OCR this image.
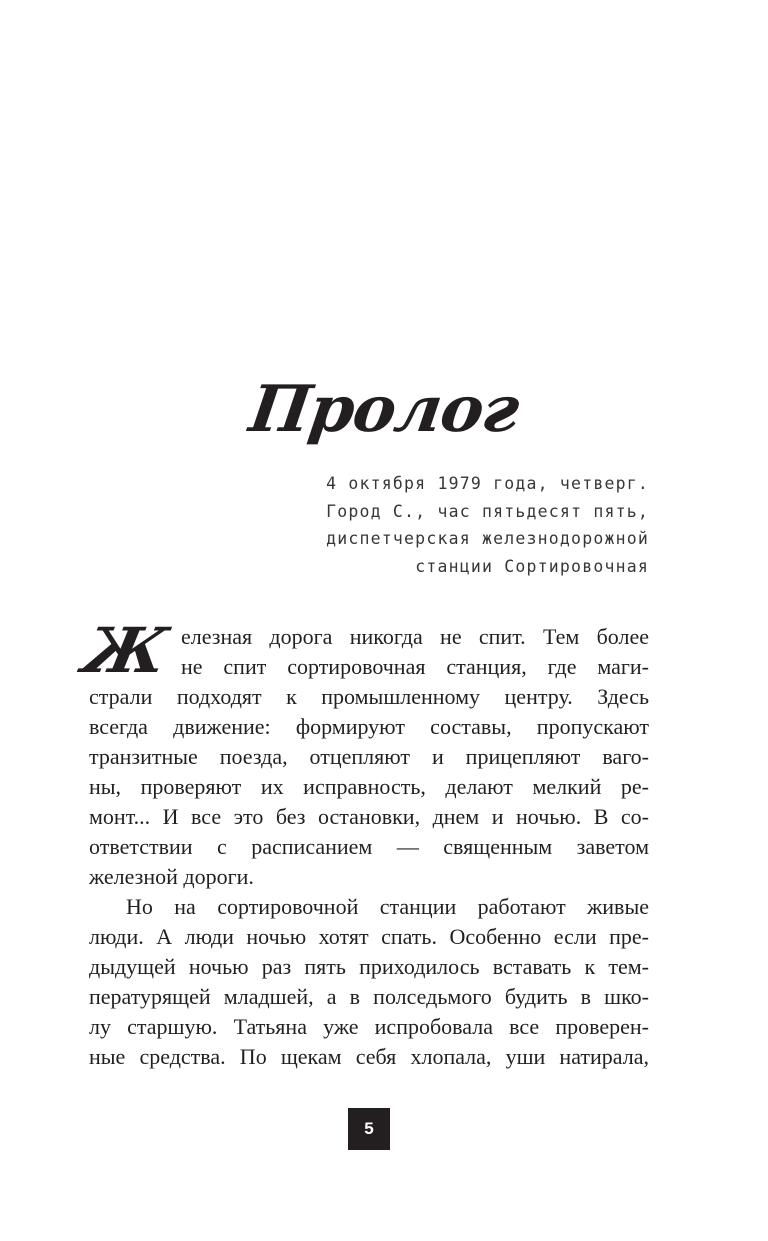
Пролог
4 октября 1979 года, четверг.
Город С., час пятьдесят пять,
диспетчерская железнодорожной
станции Сортировочная
Ж елезная дорога никогда не спит. Тем более
не спит сортировочная станция, где маги-
страли подходят к промышленному центру. Здесь
всегда движение: формируют составы, пропускают
транзитные поезда, отцепляют и прицепляют ваго-
ны, проверяют их исправность, делают мелкий ре-
монт... И все это без остановки, днем и ночью. В со-
ответствии с расписанием — священным заветом
железной дороги.
Но на сортировочной станции работают живые
люди. А люди ночью хотят спать. Особенно если пре-
дыдущей ночью раз пять приходилось вставать к тем-
пературящей младшей, а в полседьмого будить в шко-
лу старшую. Татьяна уже испробовала все проверен-
ные средства. По щекам себя хлопала, уши натирала,
5
